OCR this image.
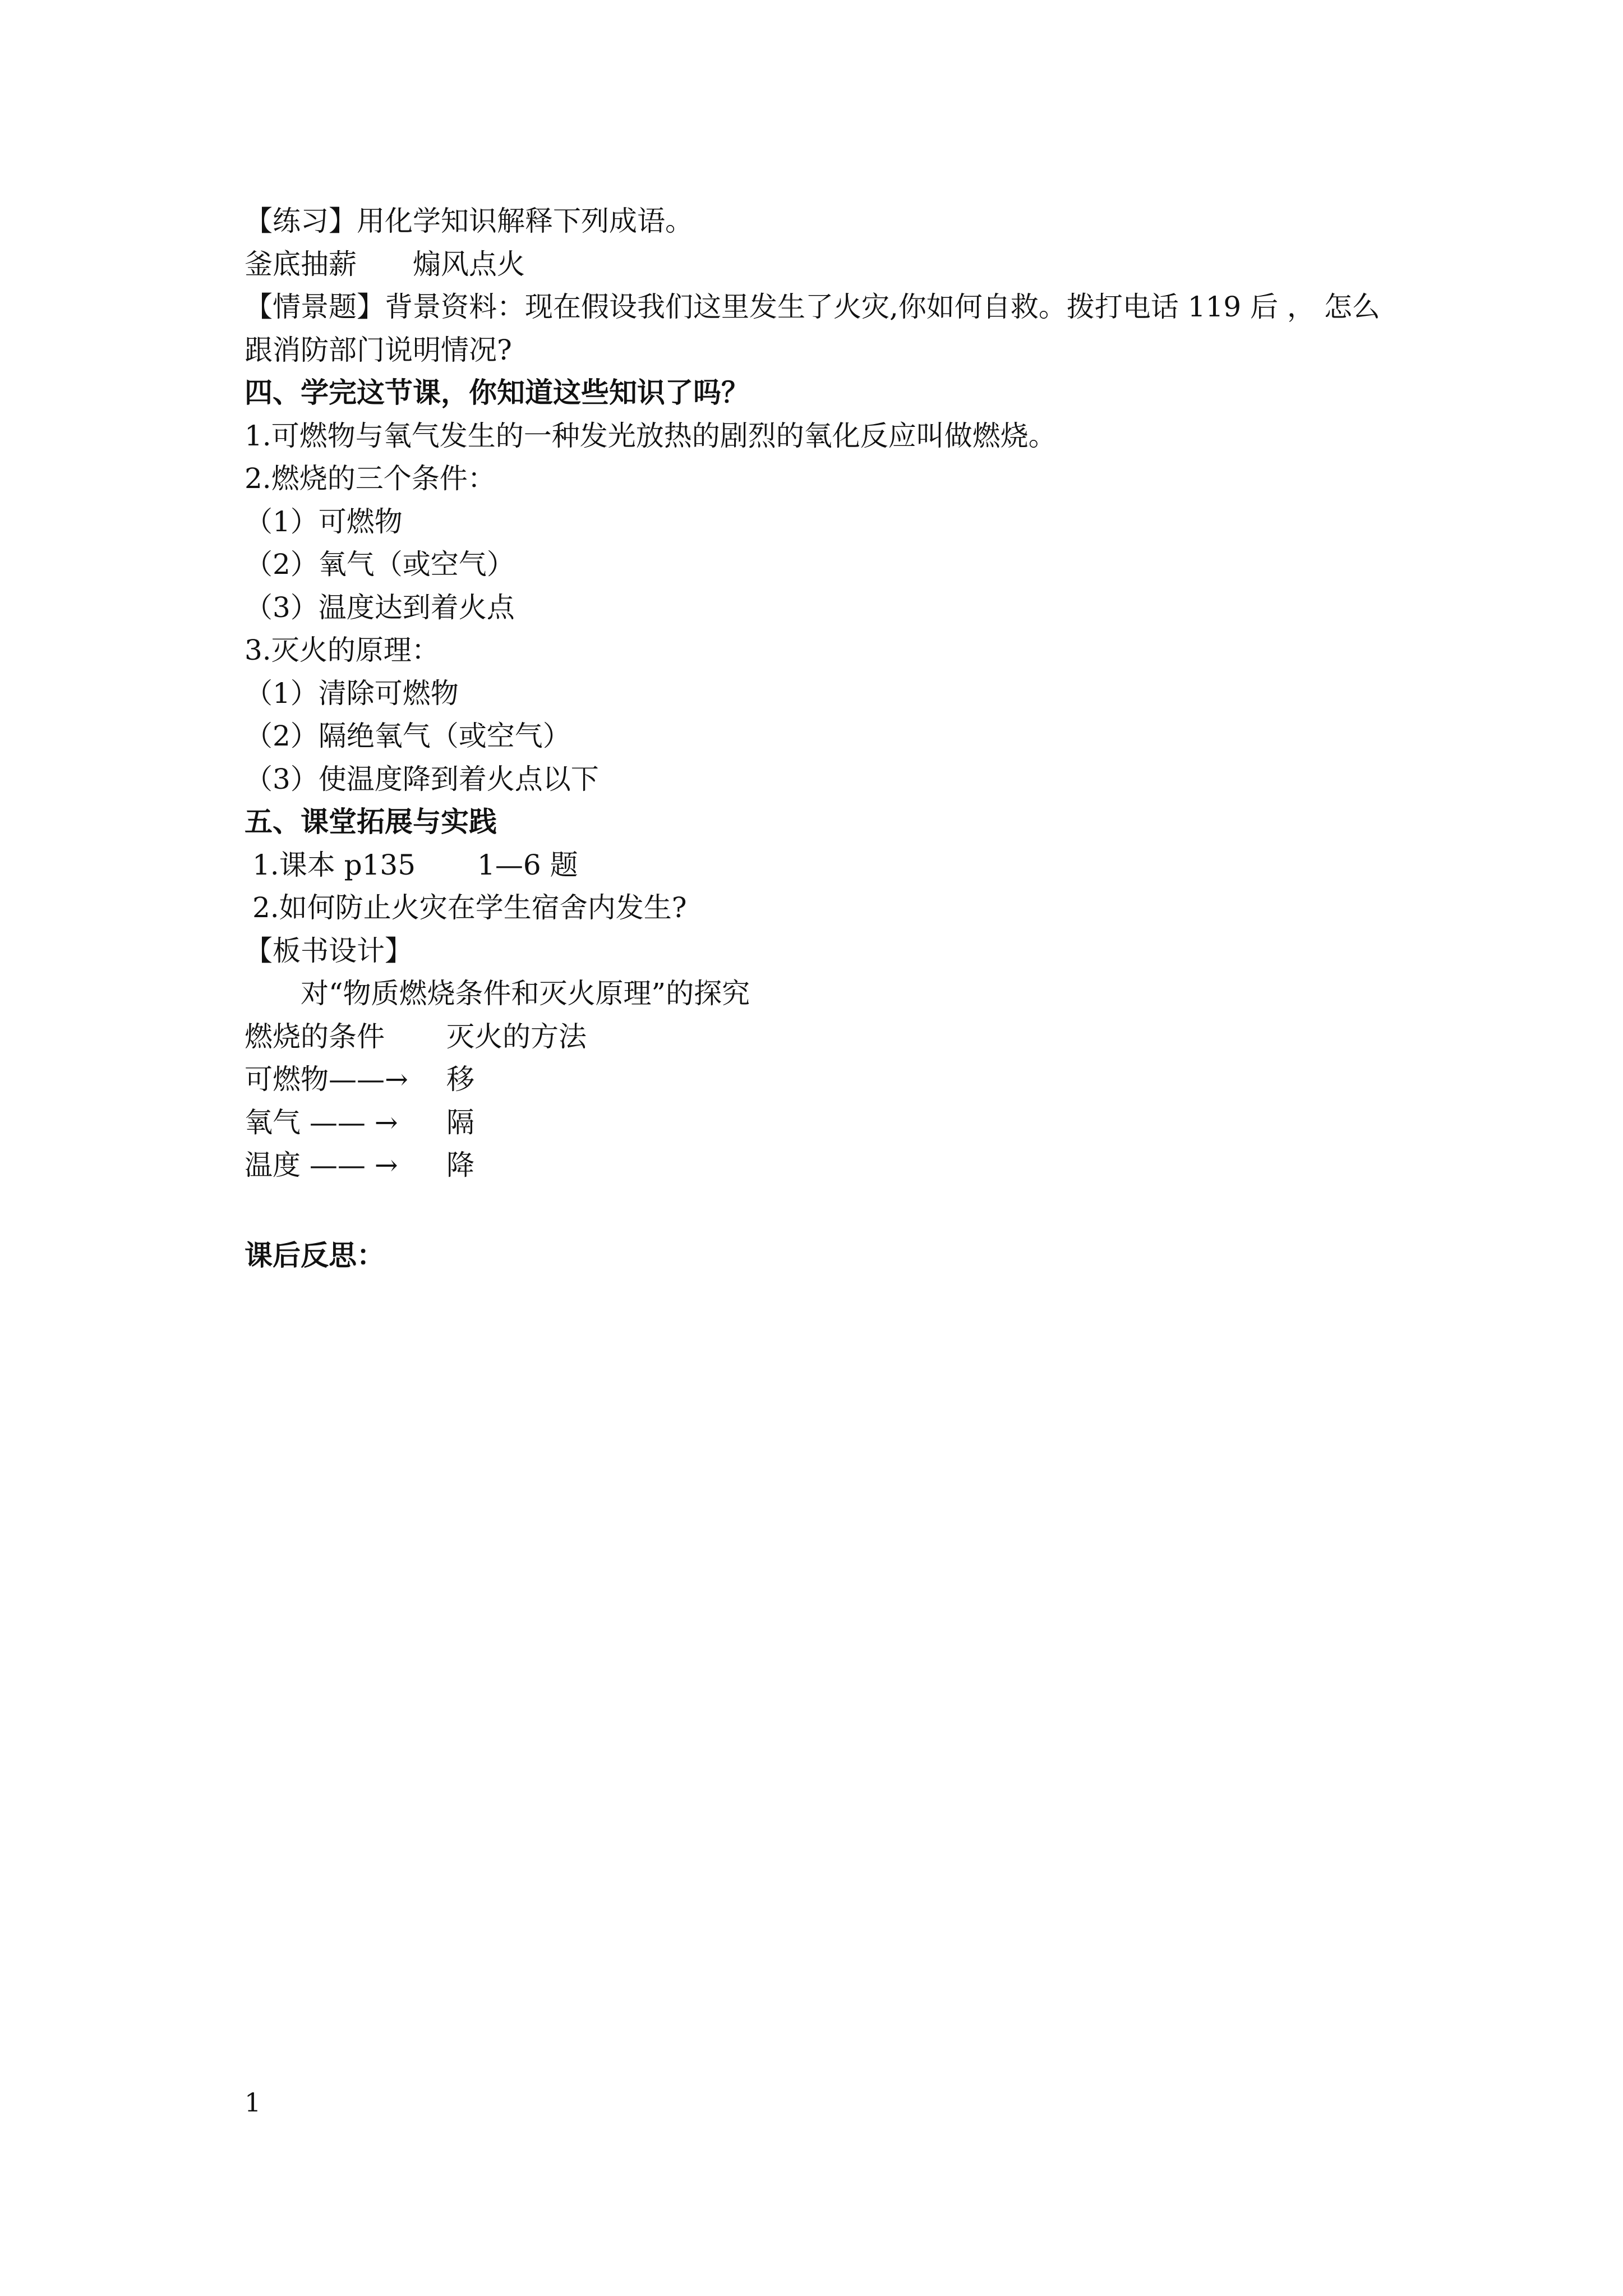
【练习】用化学知识解释下列成语。
釜底抽薪 煽风点火
【情景题】背景资料：现在假设我们这里发生了火灾,你如何自救。拨打电话 119 后 ， 怎么
跟消防部门说明情况?
四、学完这节课，你知道这些知识了吗？
1.可燃物与氧气发生的一种发光放热的剧烈的氧化反应叫做燃烧。
2.燃烧的三个条件：
（1）可燃物
（2）氧气（或空气）
（3）温度达到着火点
3.灭火的原理：
（1）清除可燃物
（2）隔绝氧气（或空气）
（3）使温度降到着火点以下
五、课堂拓展与实践
1.课本 p135 1—6 题
2.如何防止火灾在学生宿舍内发生?
【板书设计】
对“物质燃烧条件和灭火原理”的探究
燃烧的条件	灭火的方法
可燃物——→	移
氧气 —— →	隔
温度 —— →	降
课后反思：
1
